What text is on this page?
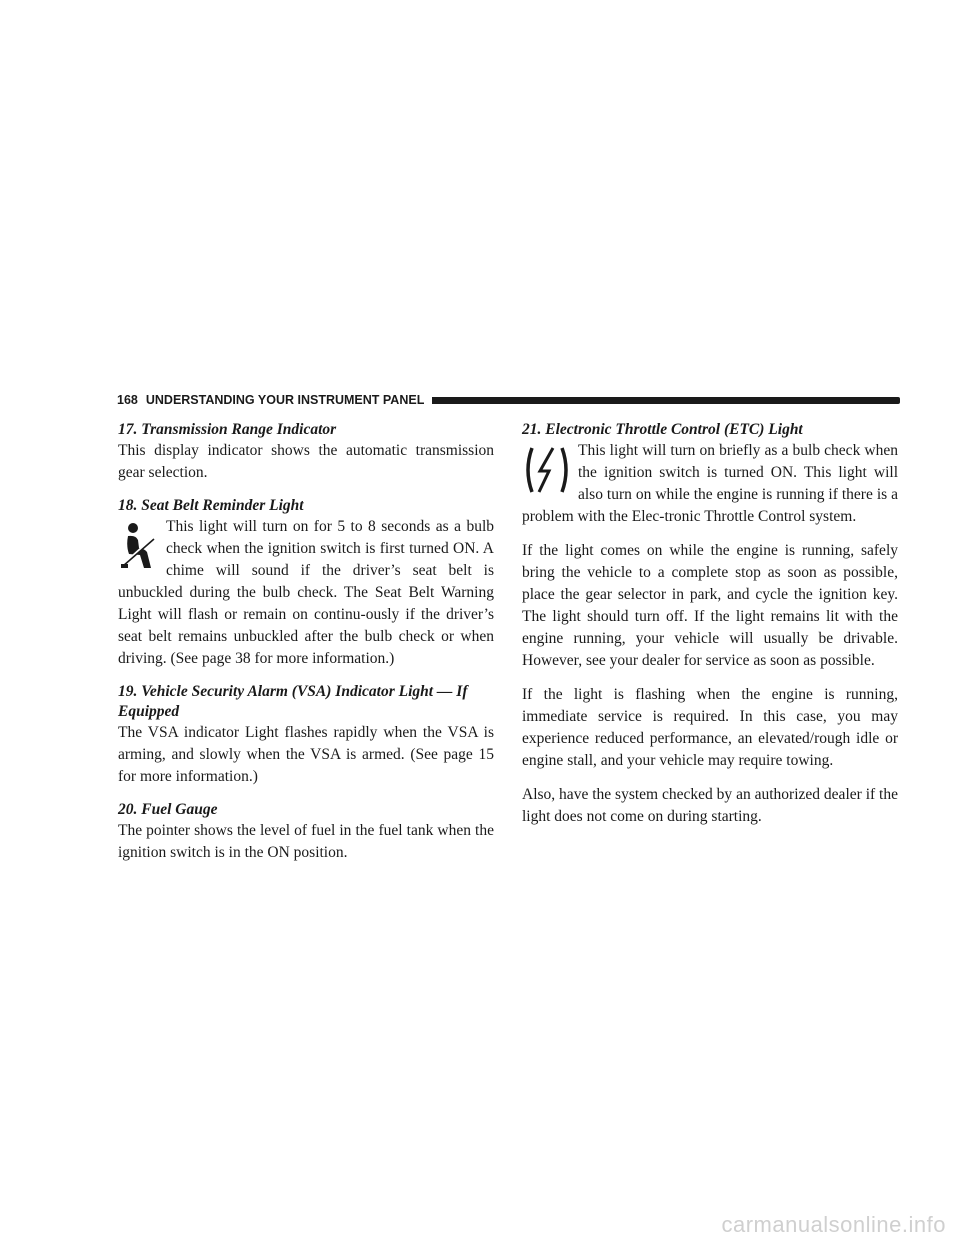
168 UNDERSTANDING YOUR INSTRUMENT PANEL
17. Transmission Range Indicator

This display indicator shows the automatic transmission gear selection.

18. Seat Belt Reminder Light

This light will turn on for 5 to 8 seconds as a bulb check when the ignition switch is first turned ON. A chime will sound if the driver’s seat belt is unbuckled during the bulb check. The Seat Belt Warning Light will flash or remain on continu-ously if the driver’s seat belt remains unbuckled after the bulb check or when driving. (See page 38 for more information.)

19. Vehicle Security Alarm (VSA) Indicator Light — If Equipped

The VSA indicator Light flashes rapidly when the VSA is arming, and slowly when the VSA is armed. (See page 15 for more information.)

20. Fuel Gauge

The pointer shows the level of fuel in the fuel tank when the ignition switch is in the ON position.

21. Electronic Throttle Control (ETC) Light

This light will turn on briefly as a bulb check when the ignition switch is turned ON. This light will also turn on while the engine is running if there is a problem with the Elec-tronic Throttle Control system.

If the light comes on while the engine is running, safely bring the vehicle to a complete stop as soon as possible, place the gear selector in park, and cycle the ignition key. The light should turn off. If the light remains lit with the engine running, your vehicle will usually be drivable. However, see your dealer for service as soon as possible.

If the light is flashing when the engine is running, immediate service is required. In this case, you may experience reduced performance, an elevated/rough idle or engine stall, and your vehicle may require towing.

Also, have the system checked by an authorized dealer if the light does not come on during starting.

carmanualsonline.info
